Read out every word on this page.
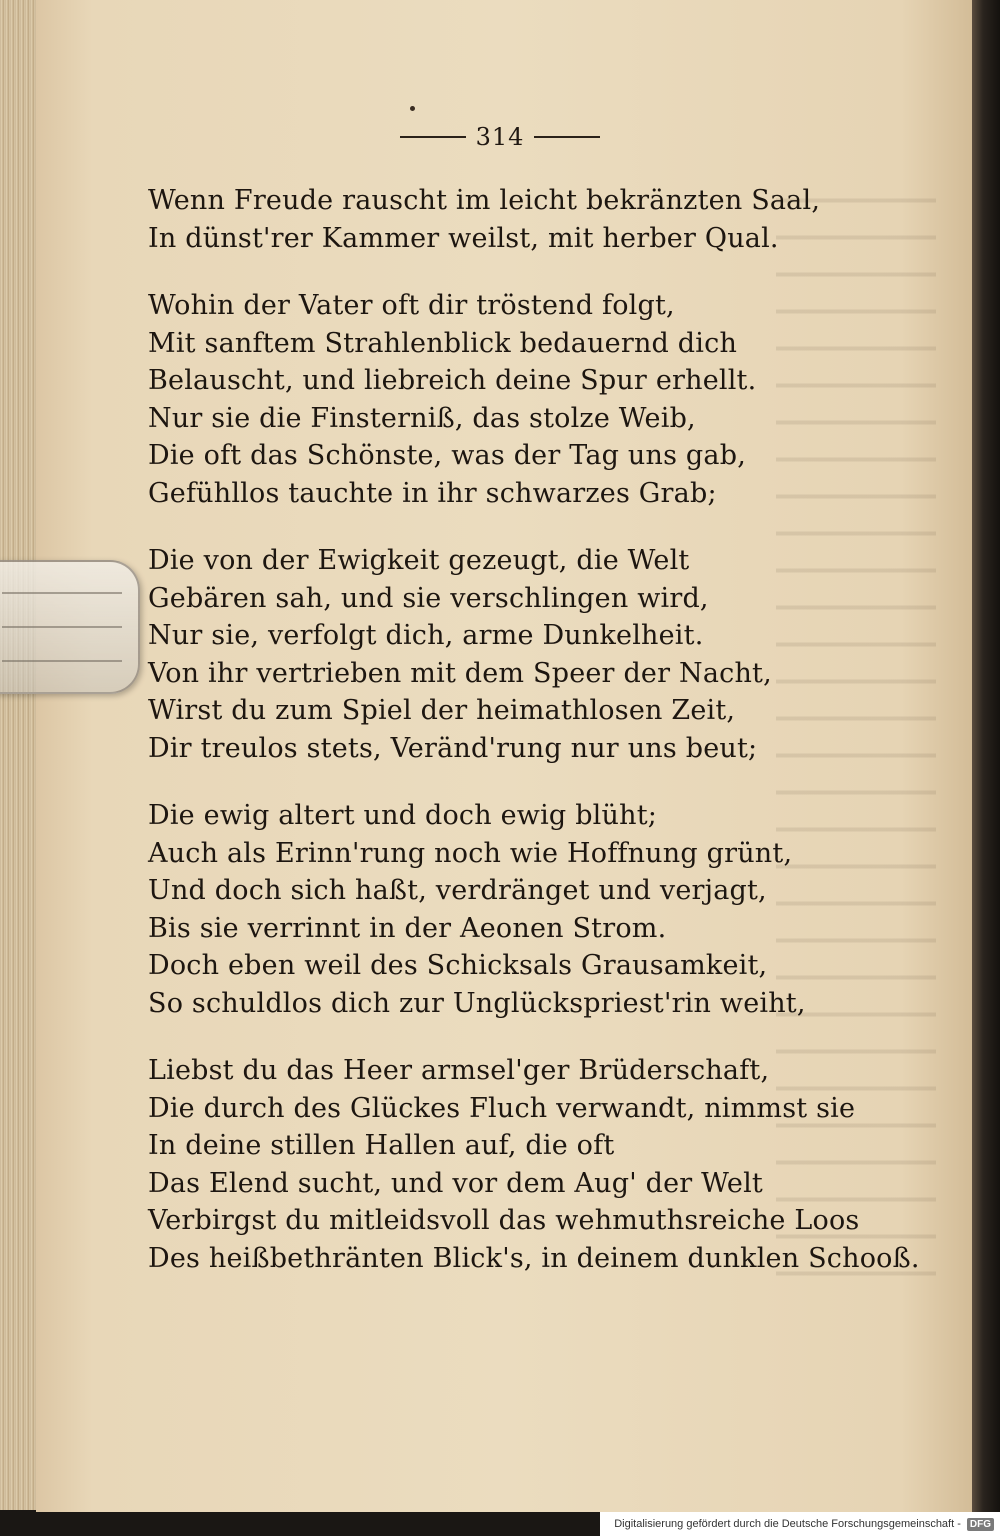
314
Wenn Freude rauscht im leicht bekränzten Saal,
In dünst'rer Kammer weilst, mit herber Qual.
Wohin der Vater oft dir tröstend folgt,
Mit sanftem Strahlenblick bedauernd dich
Belauscht, und liebreich deine Spur erhellt.
Nur sie die Finsterniß, das stolze Weib,
Die oft das Schönste, was der Tag uns gab,
Gefühllos tauchte in ihr schwarzes Grab;
Die von der Ewigkeit gezeugt, die Welt
Gebären sah, und sie verschlingen wird,
Nur sie, verfolgt dich, arme Dunkelheit.
Von ihr vertrieben mit dem Speer der Nacht,
Wirst du zum Spiel der heimathlosen Zeit,
Dir treulos stets, Veränd'rung nur uns beut;
Die ewig altert und doch ewig blüht;
Auch als Erinn'rung noch wie Hoffnung grünt,
Und doch sich haßt, verdränget und verjagt,
Bis sie verrinnt in der Aeonen Strom.
Doch eben weil des Schicksals Grausamkeit,
So schuldlos dich zur Unglückspriest'rin weiht,
Liebst du das Heer armsel'ger Brüderschaft,
Die durch des Glückes Fluch verwandt, nimmst sie
In deine stillen Hallen auf, die oft
Das Elend sucht, und vor dem Aug' der Welt
Verbirgst du mitleidsvoll das wehmuthsreiche Loos
Des heißbethränten Blick's, in deinem dunklen Schooß.
Digitalisierung gefördert durch die Deutsche Forschungsgemeinschaft - DFG
